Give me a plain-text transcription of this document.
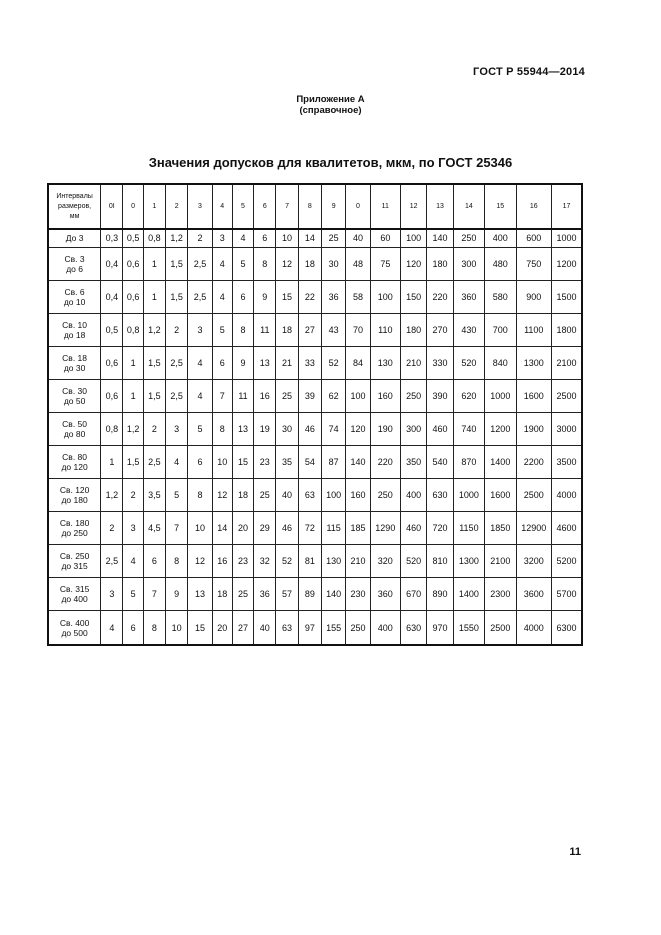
ГОСТ Р 55944—2014
Приложение А
(справочное)
Значения допусков для квалитетов, мкм, по ГОСТ 25346
Интервалы
размеров,
мм	0I	0	1	2	3	4	5	6	7	8	9	0	11	12	13	14	15	16	17

До 3	0,3	0,5	0,8	1,2	2	3	4	6	10	14	25	40	60	100	140	250	400	600	1000

Св. 3
до 6	0,4	0,6	1	1,5	2,5	4	5	8	12	18	30	48	75	120	180	300	480	750	1200

Св. 6
до 10	0,4	0,6	1	1,5	2,5	4	6	9	15	22	36	58	100	150	220	360	580	900	1500

Св. 10
до 18	0,5	0,8	1,2	2	3	5	8	11	18	27	43	70	110	180	270	430	700	1100	1800

Св. 18
до 30	0,6	1	1,5	2,5	4	6	9	13	21	33	52	84	130	210	330	520	840	1300	2100

Св. 30
до 50	0,6	1	1,5	2,5	4	7	11	16	25	39	62	100	160	250	390	620	1000	1600	2500

Св. 50
до 80	0,8	1,2	2	3	5	8	13	19	30	46	74	120	190	300	460	740	1200	1900	3000

Св. 80
до 120	1	1,5	2,5	4	6	10	15	23	35	54	87	140	220	350	540	870	1400	2200	3500

Св. 120
до 180	1,2	2	3,5	5	8	12	18	25	40	63	100	160	250	400	630	1000	1600	2500	4000

Св. 180
до 250	2	3	4,5	7	10	14	20	29	46	72	115	185	1290	460	720	1150	1850	12900	4600

Св. 250
до 315	2,5	4	6	8	12	16	23	32	52	81	130	210	320	520	810	1300	2100	3200	5200

Св. 315
до 400	3	5	7	9	13	18	25	36	57	89	140	230	360	670	890	1400	2300	3600	5700

Св. 400
до 500	4	6	8	10	15	20	27	40	63	97	155	250	400	630	970	1550	2500	4000	6300
11
